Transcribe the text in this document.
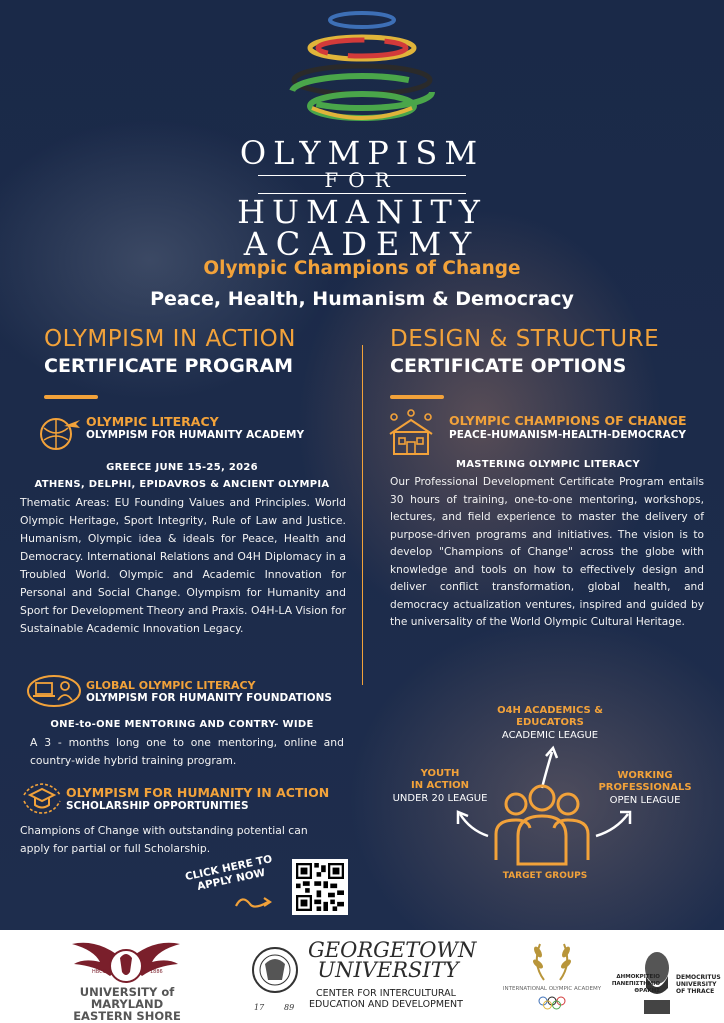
OLYMPISM
FOR
HUMANITY
ACADEMY
Olympic Champions of Change
Peace, Health, Humanism & Democracy
OLYMPISM IN ACTION
CERTIFICATE PROGRAM
DESIGN & STRUCTURE
CERTIFICATE OPTIONS
OLYMPIC LITERACY
OLYMPISM FOR HUMANITY ACADEMY
GREECE JUNE 15-25, 2026
ATHENS, DELPHI, EPIDAVROS & ANCIENT OLYMPIA
Thematic Areas: EU Founding Values and Principles. World Olympic Heritage, Sport Integrity, Rule of Law and Justice. Humanism, Olympic idea & ideals for Peace, Health and Democracy. International Relations and O4H Diplomacy in a Troubled World. Olympic and Academic Innovation for Personal and Social Change. Olympism for Humanity and Sport for Development Theory and Praxis. O4H-LA Vision for Sustainable Academic Innovation Legacy.
GLOBAL OLYMPIC LITERACY
OLYMPISM FOR HUMANITY FOUNDATIONS
ONE-to-ONE MENTORING AND CONTRY- WIDE
A 3 - months long one to one mentoring, online and country-wide hybrid training program.
OLYMPISM FOR HUMANITY IN ACTION
SCHOLARSHIP OPPORTUNITIES
Champions of Change with outstanding potential can apply for partial or full Scholarship.
CLICK HERE TO APPLY NOW
OLYMPIC CHAMPIONS OF CHANGE
PEACE-HUMANISM-HEALTH-DEMOCRACY
MASTERING OLYMPIC LITERACY
Our Professional Development Certificate Program entails 30 hours of training, one-to-one mentoring, workshops, lectures, and field experience to master the delivery of purpose-driven programs and initiatives. The vision is to develop "Champions of Change" across the globe with knowledge and tools on how to effectively design and deliver conflict transformation, global health, and democracy actualization ventures, inspired and guided by the universality of the World Olympic Cultural Heritage.
O4H ACADEMICS &
EDUCATORS
ACADEMIC LEAGUE
YOUTH
IN ACTION
UNDER 20 LEAGUE
WORKING
PROFESSIONALS
OPEN LEAGUE
TARGET GROUPS
HBCU	1886
UNIVERSITY of MARYLAND
EASTERN SHORE
17 89
GEORGETOWN
UNIVERSITY
CENTER FOR INTERCULTURAL
EDUCATION AND DEVELOPMENT
INTERNATIONAL OLYMPIC ACADEMY
ΔΗΜΟΚΡΙΤΕΙΟ
ΠΑΝΕΠΙΣΤΗΜΙΟ
ΘΡΑΚΗΣ
DEMOCRITUS
UNIVERSITY
OF THRACE
